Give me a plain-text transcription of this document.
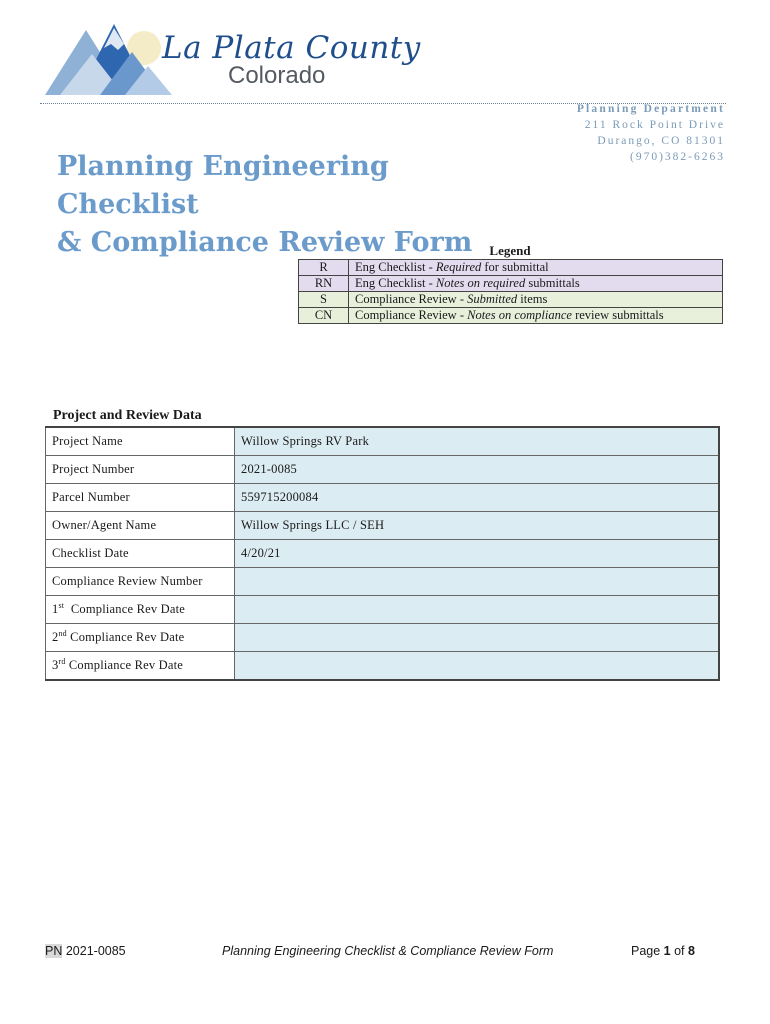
La Plata County
Colorado
Planning Department
211 Rock Point Drive
Durango, CO 81301
(970)382-6263
Planning Engineering Checklist
& Compliance Review Form	Legend
R	Eng Checklist - Required for submittal
RN	Eng Checklist - Notes on required submittals
S	Compliance Review - Submitted items
CN	Compliance Review - Notes on compliance review submittals
Project and Review Data
Project Name	Willow Springs RV Park
Project Number	2021-0085
Parcel Number	559715200084
Owner/Agent Name	Willow Springs LLC / SEH
Checklist Date	4/20/21
Compliance Review Number	
1st  Compliance Rev Date	
2nd Compliance Rev Date	
3rd Compliance Rev Date	
PN 2021-0085	Planning Engineering Checklist & Compliance Review Form	Page 1 of 8
